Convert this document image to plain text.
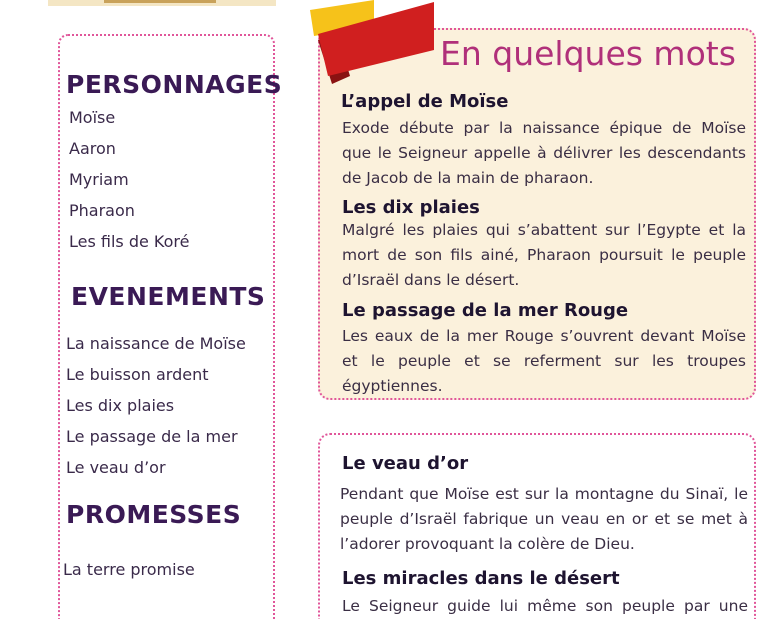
PERSONNAGES
Moïse
Aaron
Myriam
Pharaon
Les fils de Koré
EVENEMENTS
La naissance de Moïse
Le buisson ardent
Les dix plaies
Le passage de la mer
Le veau d’or
PROMESSES
La terre promise
En quelques mots
L’appel de Moïse
Exode débute par la naissance épique de Moïse que le Seigneur appelle à délivrer les descendants de Jacob de la main de pharaon.
Les dix plaies
Malgré les plaies qui s’abattent sur l’Egypte et la mort de son fils ainé, Pharaon poursuit le peuple d’Israël dans le désert.
Le passage de la mer Rouge
Les eaux de la mer Rouge s’ouvrent devant Moïse et le peuple et se referment sur les troupes égyptiennes.
Le veau d’or
Pendant que Moïse est sur la montagne du Sinaï, le peuple d’Israël fabrique un veau en or et se met à l’adorer provoquant la colère de Dieu.
Les miracles dans le désert
Le Seigneur guide lui même son peuple par une
